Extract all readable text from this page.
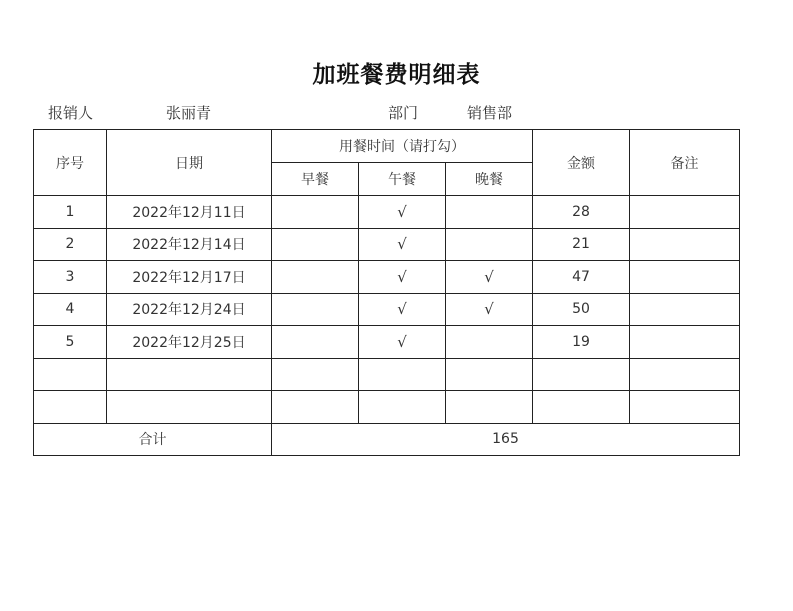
加班餐费明细表
报销人	张丽青	部门	销售部
序号	日期	用餐时间（请打勾）			金额	备注
		早餐	午餐	晚餐		
1	2022年12月11日		√		28	
2	2022年12月14日		√		21	
3	2022年12月17日		√	√	47	
4	2022年12月24日		√	√	50	
5	2022年12月25日		√		19	

合计		165				
